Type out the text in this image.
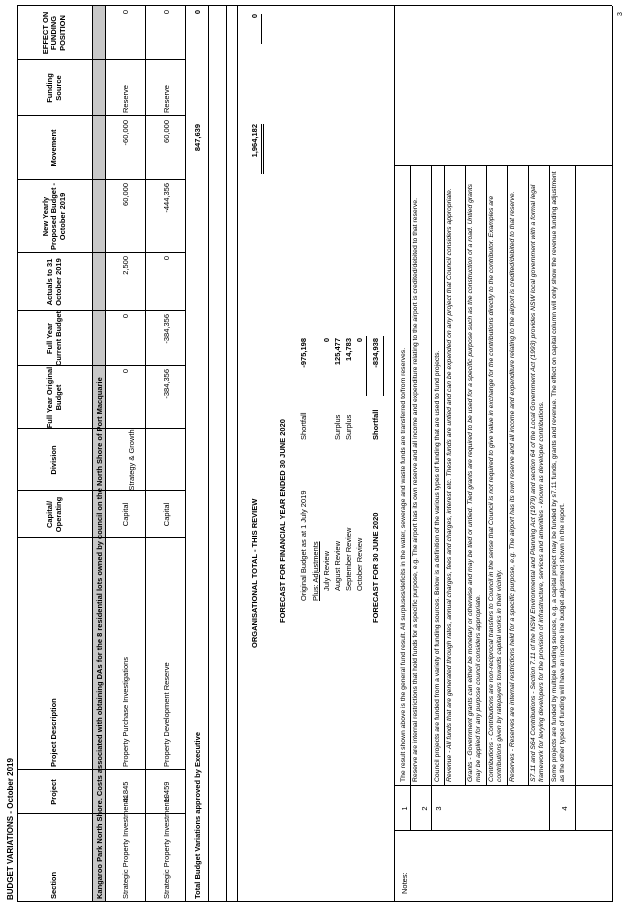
BUDGET VARIATIONS - October 2019	Section
Project
Project Description
Capital/ Operating
Division
Full Year Original Budget
Full Year Current Budget
Actuals to 31 October 2019
New Yearly Proposed Budget - October 2019
Movement
Funding Source
EFFECT ON FUNDING POSITION
Kangaroo Park North Shore. Costs associated with obtaining DAs for the 8 residential lots owned by council on the North Shore of Port Macquarie Strategic Property Investments
41845
Property Purchase Investigations
Capital
0
0
2,500
60,000
-60,000
Reserve
0
Strategy & Growth
Strategic Property Investments
19459
Property Development Reserve
Capital
-384,356
-384,356
0
-444,356
60,000
Reserve
0
Total Budget Variations approved by Executive
847,639
0
ORGANISATIONAL TOTAL - THIS REVIEW
1,964,182
0
FORECAST FOR FINANCIAL YEAR ENDED 30 JUNE 2020 Original Budget as at 1 July 2019
Shortfall
-975,198
Plus: Adjustments July Review
0
August Review
Surplus
125,477
September Review
Surplus
14,783
October Review
0
FORECAST FOR 30 JUNE 2020
Shortfall
-834,938
Notes:
1
The result shown above is the general fund result. All surpluses/deficits in the water, sewerage and waste funds are transferred to/from reserves.
2
Reserve are internal restrictions that hold funds for a specific purpose, e.g. The airport has its own reserve and all income and expenditure relating to the airport is credited/debited to that reserve.
3
Council projects are funded from a variety of funding sources. Below is a definition of the various types of funding that are used to fund projects. Revenue - All funds that are generated through rates, annual charges, fees and charges, interest etc. These funds are untied and can be expended on any project that Council considers appropriate. Grants - Government grants can either be monetary or otherwise and may be tied or untied. Tied grants are required to be used for a specific purpose such as the construction of a road. Untied grants may be applied for any purpose council considers appropriate. Contributions - Contributions are non-reciprocal transfers to Council in the sense that Council is not required to give value in exchange for the contributions directly to the contributor. Examples are contributions given by ratepayers towards capital works in their vicinity. Reserves - Reserves are internal restrictions held for a specific purpose, e.g. The airport has its own reserve and all income and expenditure relating to the airport is credited/debited to that reserve. S7.11 and S64 Contributions - Section 7.11 of the NSW Environmental and Planning Act (1979) and section 64 of the Local Government Act (1993) provides NSW local government with a formal legal framework for levying developers for the provision of infrastructure, services and amenities - known as developer contributions.
4
Some projects are funded by multiple funding sources, e.g. a capital project may be funded by s7.11 funds, grants and revenue. The effect on capital column will only show the revenue funding adjustment as the other types of funding will have an income line budget adjustment shown in the report.
3
